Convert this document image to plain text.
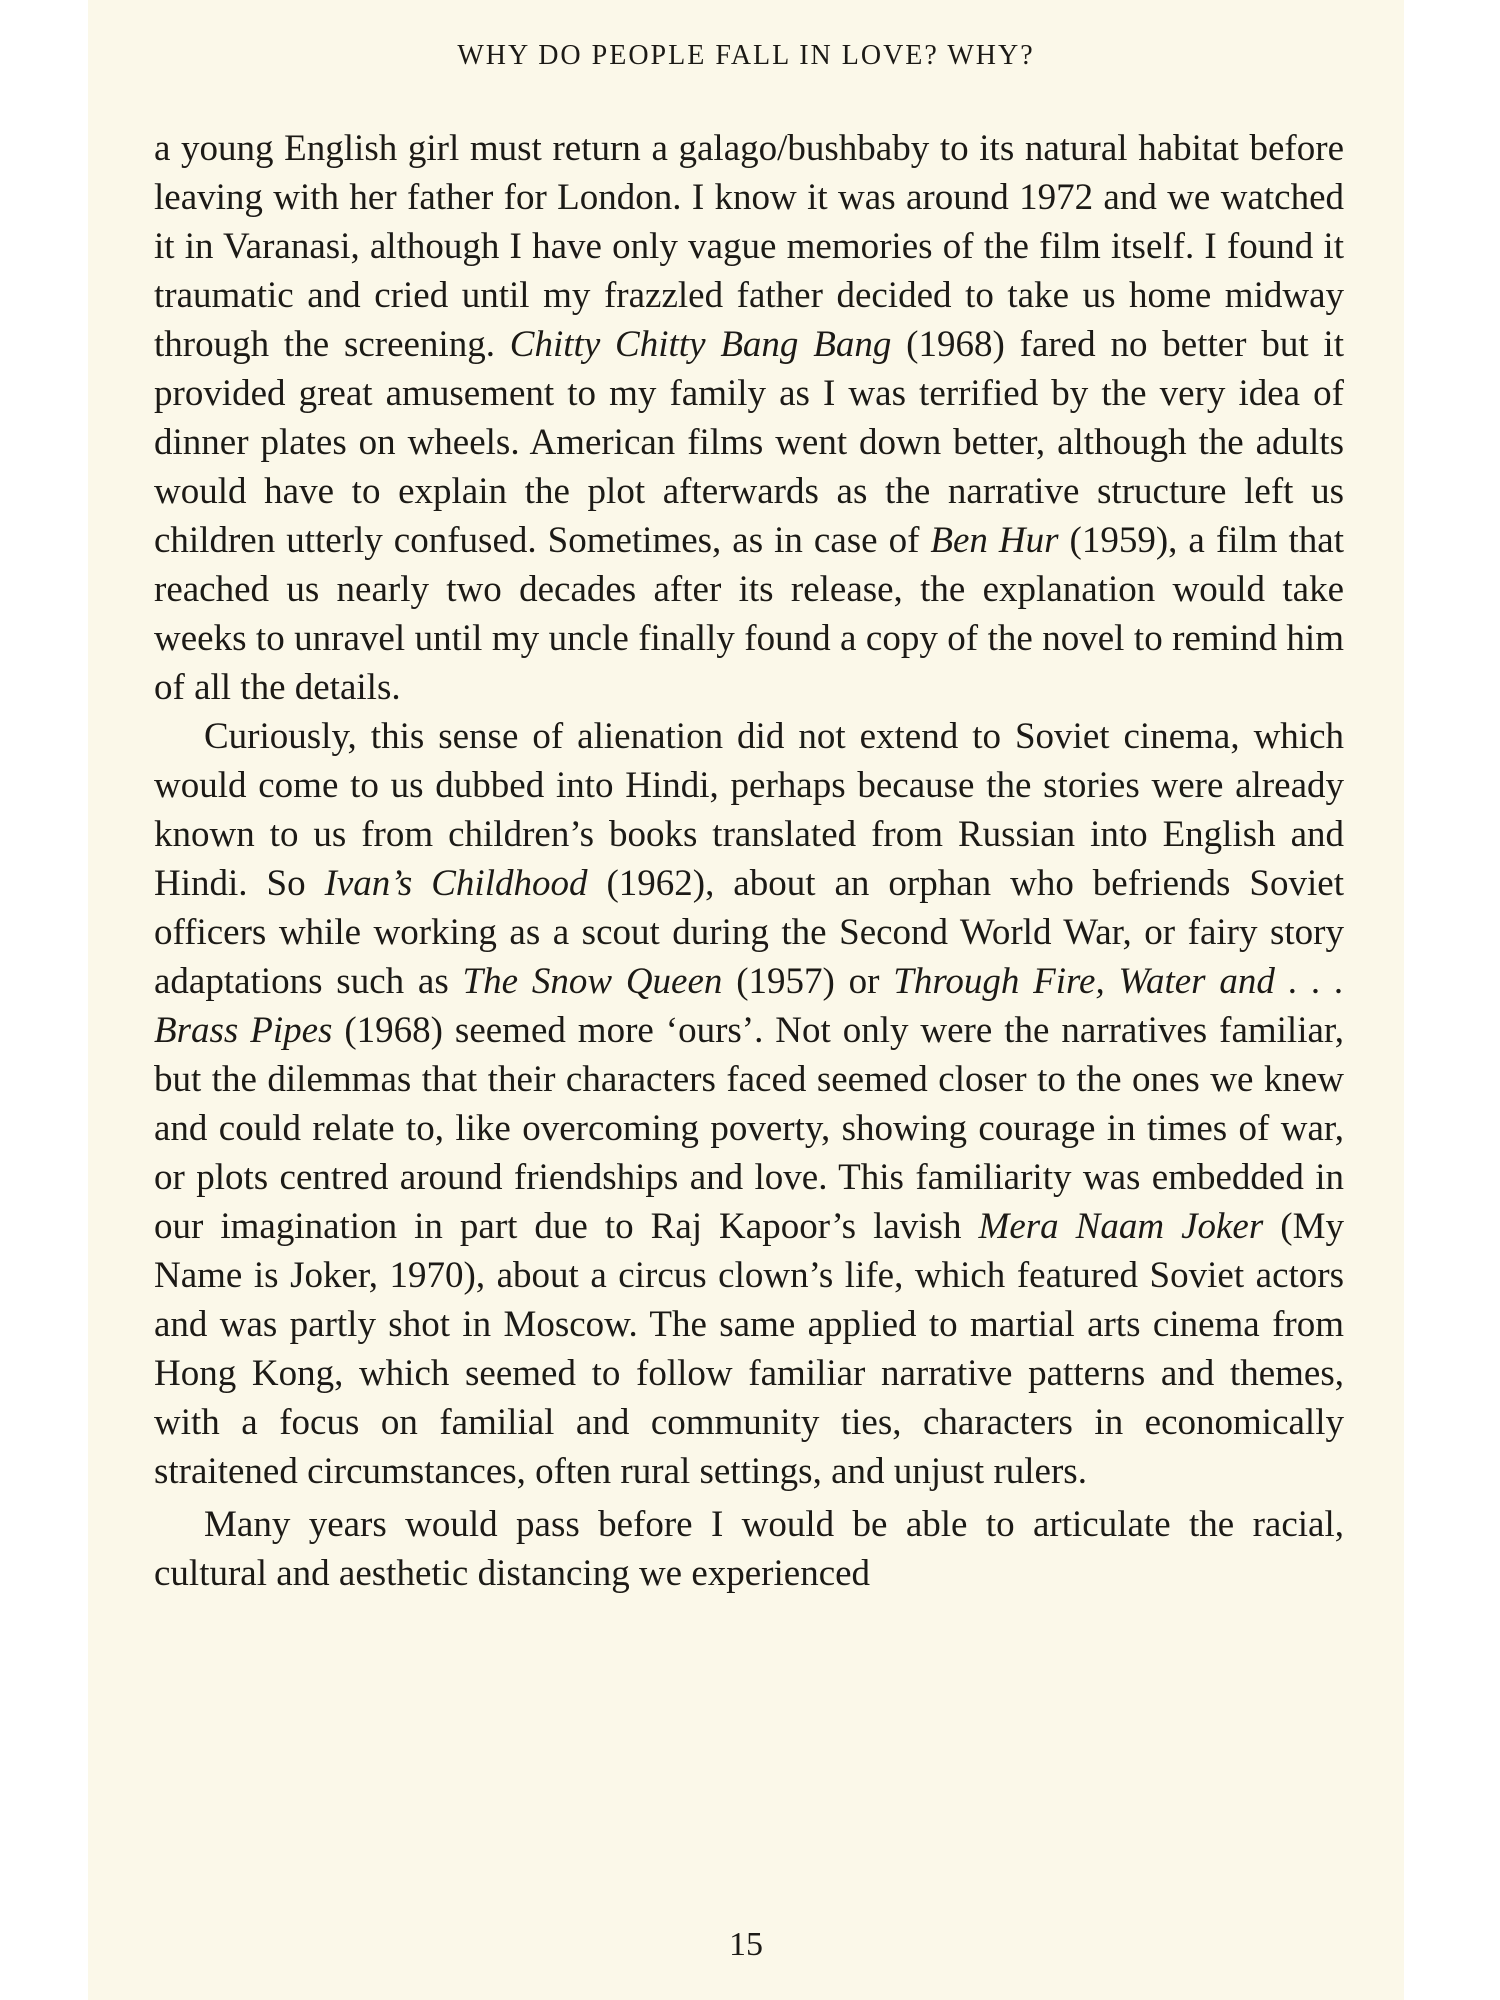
WHY DO PEOPLE FALL IN LOVE? WHY?

a young English girl must return a galago/bushbaby to its natural habitat before leaving with her father for London. I know it was around 1972 and we watched it in Varanasi, although I have only vague memories of the film itself. I found it traumatic and cried until my frazzled father decided to take us home midway through the screening. Chitty Chitty Bang Bang (1968) fared no better but it provided great amusement to my family as I was terrified by the very idea of dinner plates on wheels. American films went down better, although the adults would have to explain the plot afterwards as the narrative structure left us children utterly confused. Sometimes, as in case of Ben Hur (1959), a film that reached us nearly two decades after its release, the explanation would take weeks to unravel until my uncle finally found a copy of the novel to remind him of all the details.

Curiously, this sense of alienation did not extend to Soviet cinema, which would come to us dubbed into Hindi, perhaps because the stories were already known to us from children’s books translated from Russian into English and Hindi. So Ivan’s Childhood (1962), about an orphan who befriends Soviet officers while working as a scout during the Second World War, or fairy story adaptations such as The Snow Queen (1957) or Through Fire, Water and . . . Brass Pipes (1968) seemed more ‘ours’. Not only were the narratives familiar, but the dilemmas that their characters faced seemed closer to the ones we knew and could relate to, like overcoming poverty, showing courage in times of war, or plots centred around friendships and love. This familiarity was embedded in our imagination in part due to Raj Kapoor’s lavish Mera Naam Joker (My Name is Joker, 1970), about a circus clown’s life, which featured Soviet actors and was partly shot in Moscow. The same applied to martial arts cinema from Hong Kong, which seemed to follow familiar narrative patterns and themes, with a focus on familial and community ties, characters in economically straitened circumstances, often rural settings, and unjust rulers.

Many years would pass before I would be able to articulate the racial, cultural and aesthetic distancing we experienced

15
